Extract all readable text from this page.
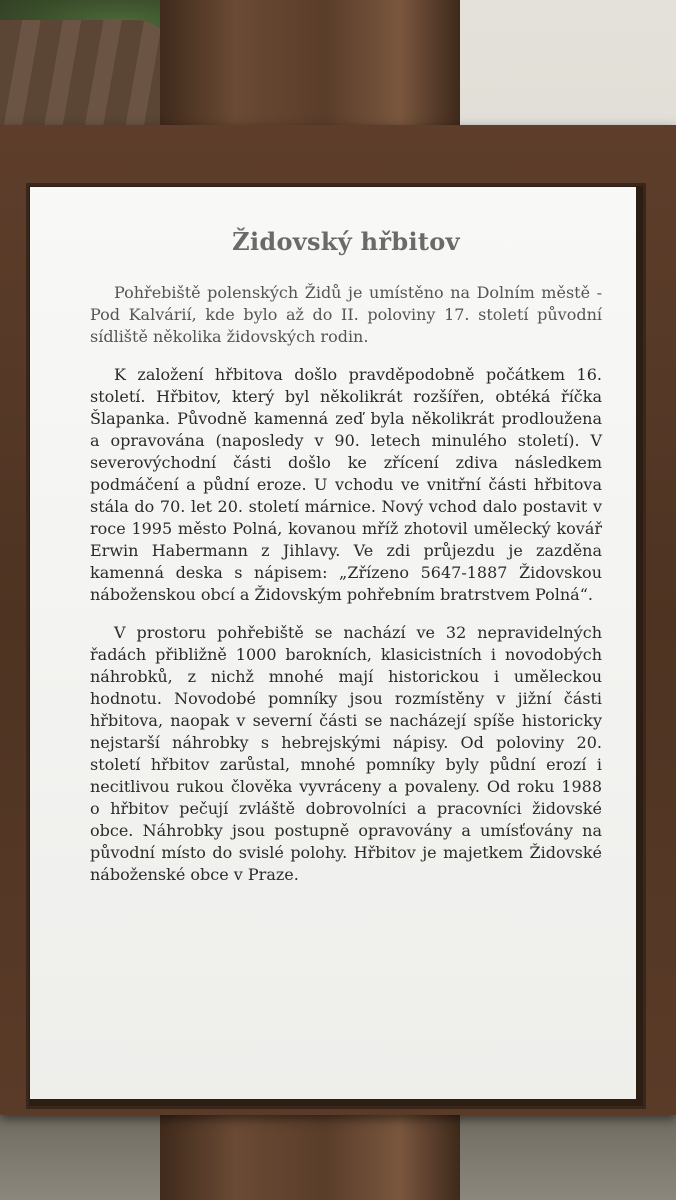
Židovský hřbitov

Pohřebiště polenských Židů je umístěno na Dolním městě - Pod Kalvárií, kde bylo až do II. poloviny 17. století původní sídliště několika židovských rodin.

K založení hřbitova došlo pravděpodobně počátkem 16. století. Hřbitov, který byl několikrát rozšířen, obtéká říčka Šlapanka. Původně kamenná zeď byla několikrát prodloužena a opravována (naposledy v 90. letech minulého století). V severovýchodní části došlo ke zřícení zdiva následkem podmáčení a půdní eroze. U vchodu ve vnitřní části hřbitova stála do 70. let 20. století márnice. Nový vchod dalo postavit v roce 1995 město Polná, kovanou mříž zhotovil umělecký kovář Erwin Habermann z Jihlavy. Ve zdi průjezdu je zazděna kamenná deska s nápisem: „Zřízeno 5647-1887 Židovskou náboženskou obcí a Židovským pohřebním bratrstvem Polná“.

V prostoru pohřebiště se nachází ve 32 nepravidelných řadách přibližně 1000 barokních, klasicistních i novodobých náhrobků, z nichž mnohé mají historickou i uměleckou hodnotu. Novodobé pomníky jsou rozmístěny v jižní části hřbitova, naopak v severní části se nacházejí spíše historicky nejstarší náhrobky s hebrejskými nápisy. Od poloviny 20. století hřbitov zarůstal, mnohé pomníky byly půdní erozí i necitlivou rukou člověka vyvráceny a povaleny. Od roku 1988 o hřbitov pečují zvláště dobrovolníci a pracovníci židovské obce. Náhrobky jsou postupně opravovány a umísťovány na původní místo do svislé polohy. Hřbitov je majetkem Židovské náboženské obce v Praze.
